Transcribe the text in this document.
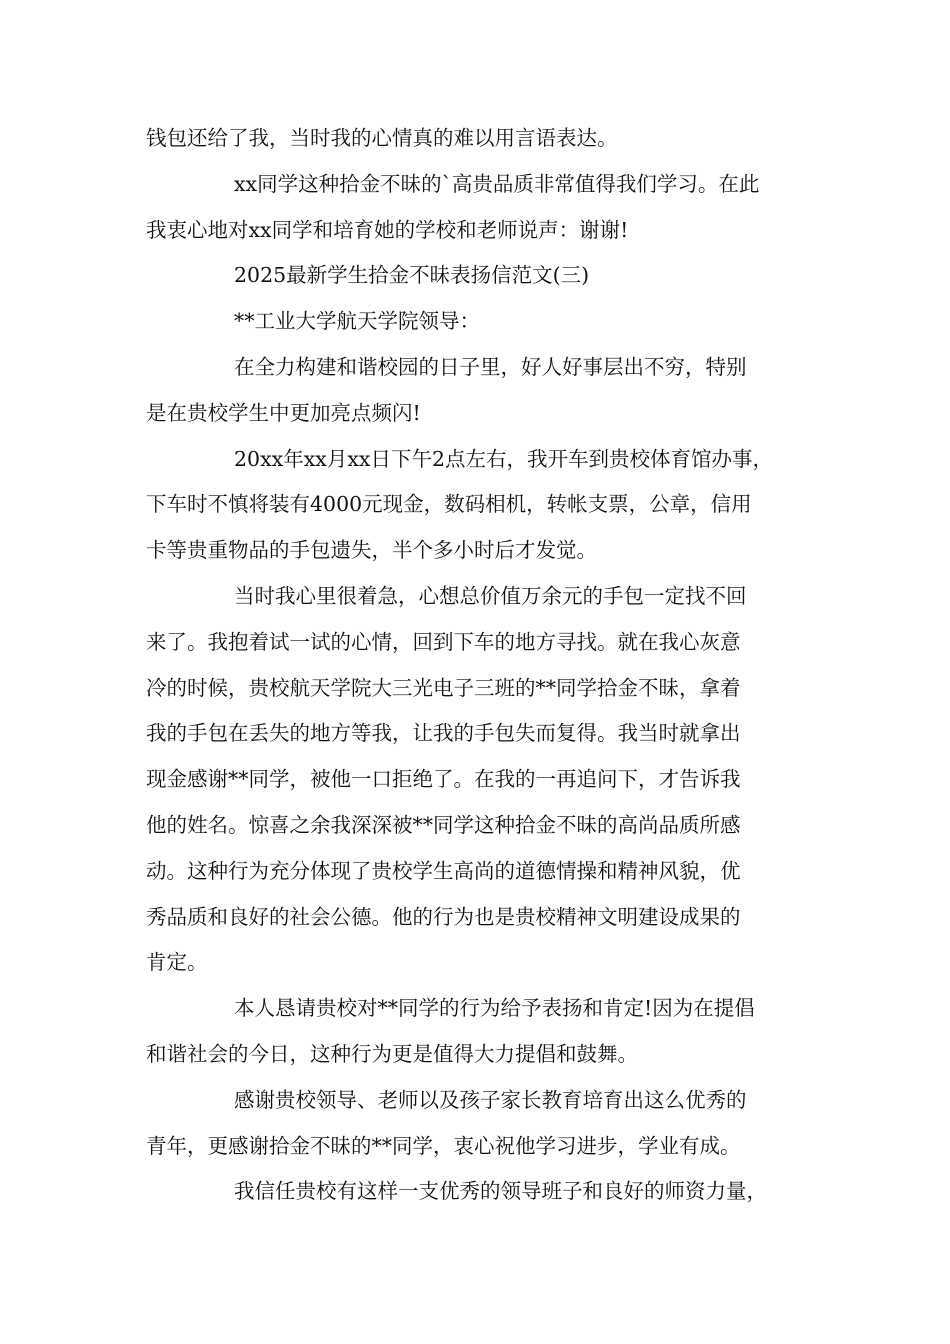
钱包还给了我，当时我的心情真的难以用言语表达。

xx同学这种拾金不昧的`高贵品质非常值得我们学习。在此

我衷心地对xx同学和培育她的学校和老师说声：谢谢!

2025最新学生拾金不昧表扬信范文(三)

**工业大学航天学院领导：

在全力构建和谐校园的日子里，好人好事层出不穷，特别

是在贵校学生中更加亮点频闪!

20xx年xx月xx日下午2点左右，我开车到贵校体育馆办事，

下车时不慎将装有4000元现金，数码相机，转帐支票，公章，信用

卡等贵重物品的手包遗失，半个多小时后才发觉。

当时我心里很着急，心想总价值万余元的手包一定找不回

来了。我抱着试一试的心情，回到下车的地方寻找。就在我心灰意

冷的时候，贵校航天学院大三光电子三班的**同学拾金不昧，拿着

我的手包在丢失的地方等我，让我的手包失而复得。我当时就拿出

现金感谢**同学，被他一口拒绝了。在我的一再追问下，才告诉我

他的姓名。惊喜之余我深深被**同学这种拾金不昧的高尚品质所感

动。这种行为充分体现了贵校学生高尚的道德情操和精神风貌，优

秀品质和良好的社会公德。他的行为也是贵校精神文明建设成果的

肯定。

本人恳请贵校对**同学的行为给予表扬和肯定!因为在提倡

和谐社会的今日，这种行为更是值得大力提倡和鼓舞。

感谢贵校领导、老师以及孩子家长教育培育出这么优秀的

青年，更感谢拾金不昧的**同学，衷心祝他学习进步，学业有成。

我信任贵校有这样一支优秀的领导班子和良好的师资力量，
